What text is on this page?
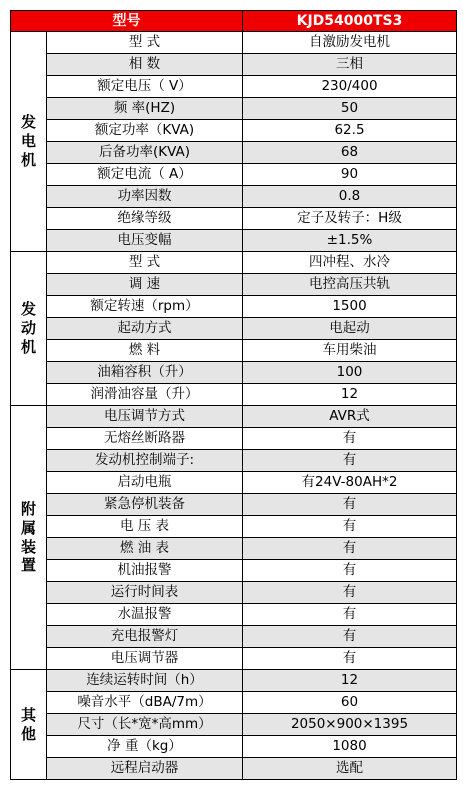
型号		KJD54000TS3
发电机	型 式	自激励发电机
	相 数	三相
	额定电压（ V）	230/400
	频 率(HZ)	50
	额定功率（KVA)	62.5
	后备功率(KVA)	68
	额定电流（ A）	90
	功率因数	0.8
	绝缘等级	定子及转子：H级
	电压变幅	±1.5%
发动机	型 式	四冲程、水冷
	调 速	电控高压共轨
	额定转速（rpm）	1500
	起动方式	电起动
	燃 料	车用柴油
	油箱容积（升）	100
	润滑油容量（升）	12
附属装置	电压调节方式	AVR式
	无熔丝断路器	有
	发动机控制端子:	有
	启动电瓶	有24V-80AH*2
	紧急停机装备	有
	电 压 表	有
	燃 油 表	有
	机油报警	有
	运行时间表	有
	水温报警	有
	充电报警灯	有
	电压调节器	有
其他	连续运转时间（h）	12
	噪音水平（dBA/7m）	60
	尺寸（长*宽*高mm）	2050×900×1395
	净 重（kg）	1080
	远程启动器	选配
